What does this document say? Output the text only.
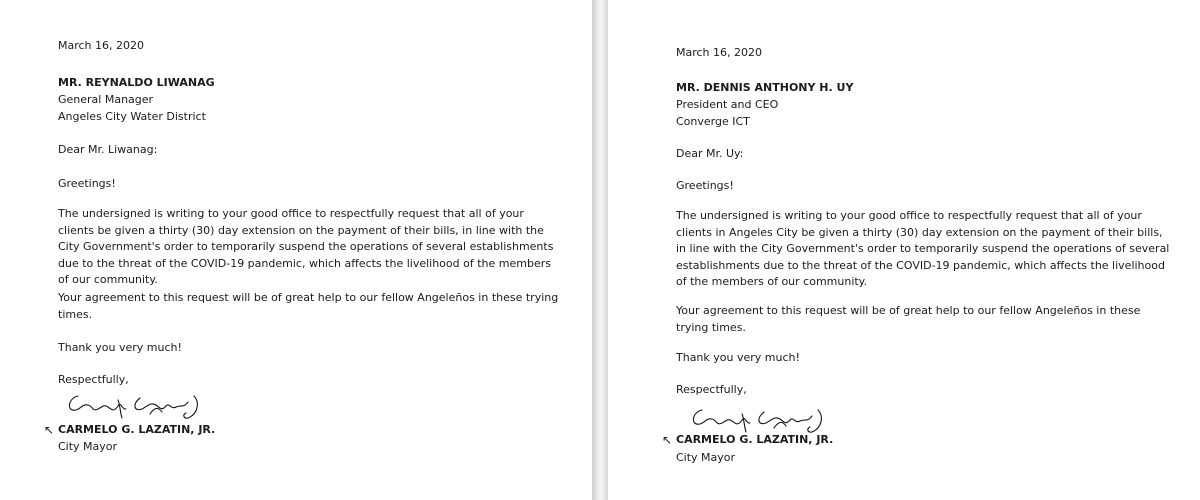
March 16, 2020

MR. REYNALDO LIWANAG

General Manager

Angeles City Water District

Dear Mr. Liwanag:

Greetings!

The undersigned is writing to your good office to respectfully request that all of your clients be given a thirty (30) day extension on the payment of their bills, in line with the City Government's order to temporarily suspend the operations of several establishments due to the threat of the COVID-19 pandemic, which affects the livelihood of the members of our community.

Your agreement to this request will be of great help to our fellow Angeleños in these trying times.

Thank you very much!

Respectfully,

↖ CARMELO G. LAZATIN, JR.

City Mayor

March 16, 2020

MR. DENNIS ANTHONY H. UY

President and CEO

Converge ICT

Dear Mr. Uy:

Greetings!

The undersigned is writing to your good office to respectfully request that all of your clients in Angeles City be given a thirty (30) day extension on the payment of their bills, in line with the City Government's order to temporarily suspend the operations of several establishments due to the threat of the COVID-19 pandemic, which affects the livelihood of the members of our community.

Your agreement to this request will be of great help to our fellow Angeleños in these trying times.

Thank you very much!

Respectfully,

↖ CARMELO G. LAZATIN, JR.

City Mayor
